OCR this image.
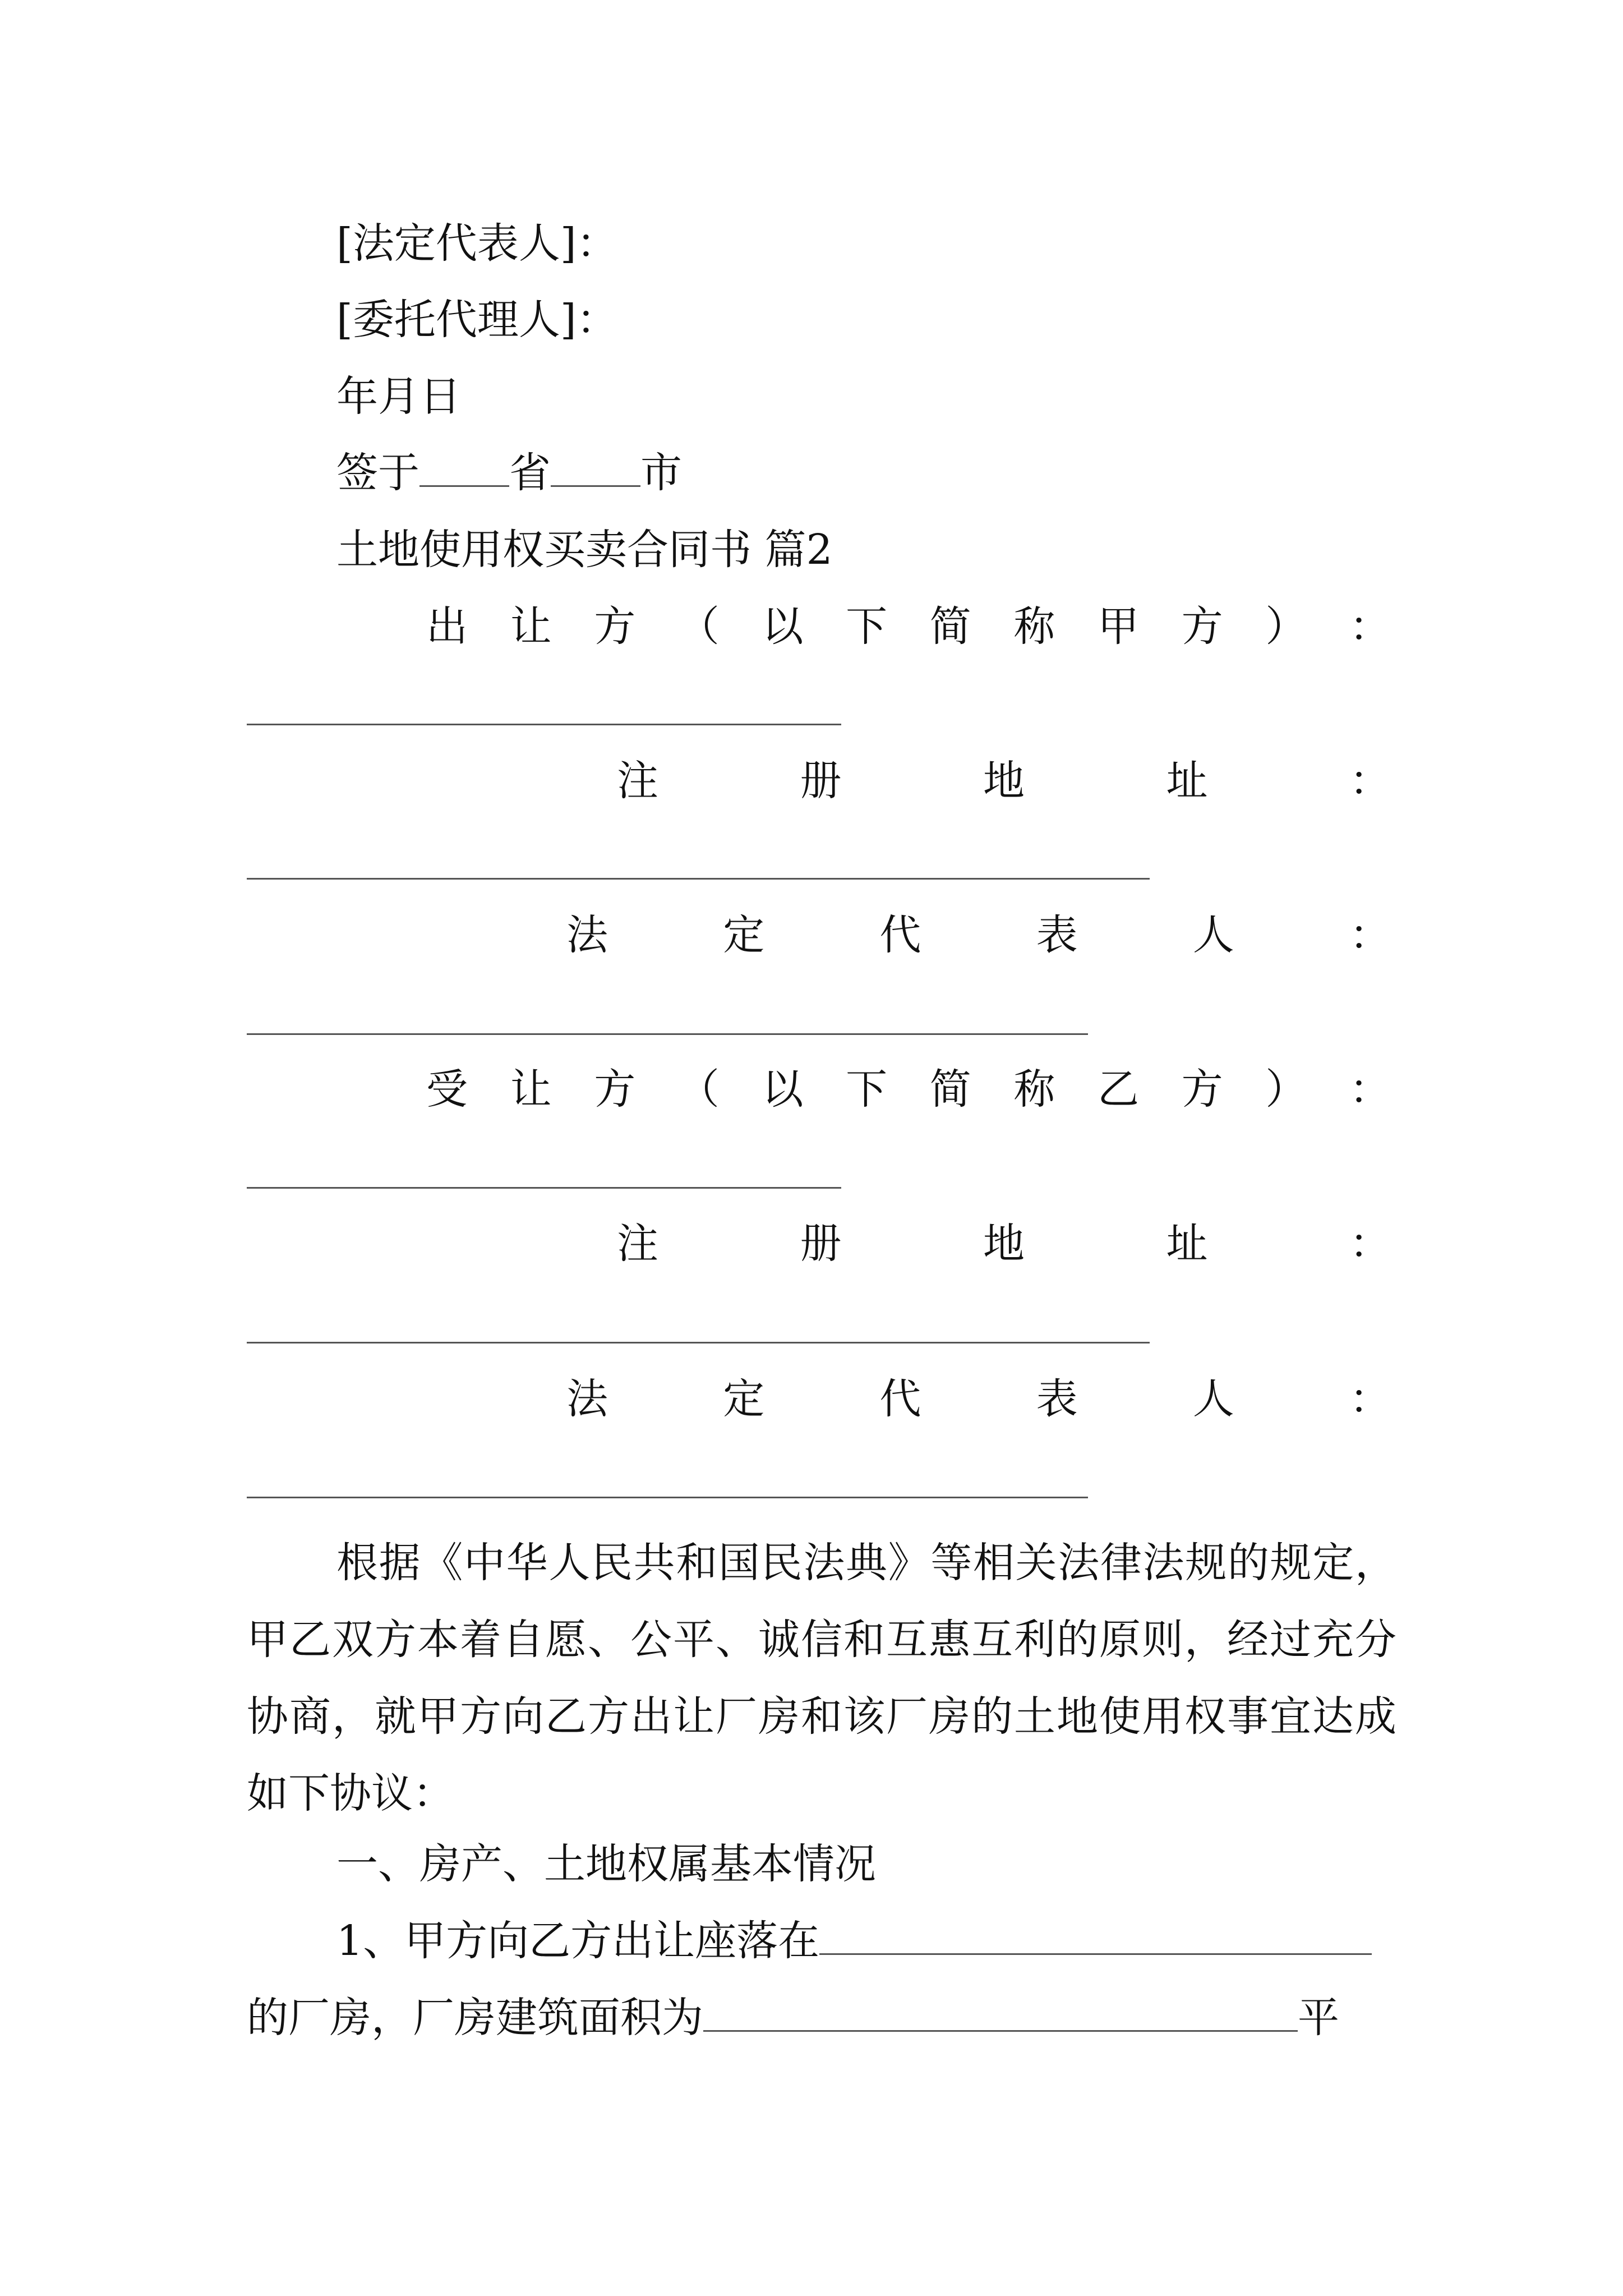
[法定代表人]：
[委托代理人]：
年月日
签于 省 市
土地使用权买卖合同书 篇2
出 让 方 （ 以 下 简 称 甲 方 ） ：
注	册	地	址	：
法	定	代	表	人	：
受 让 方 （ 以 下 简 称 乙 方 ） ：
注	册	地	址	：
法	定	代	表	人	：
根据《中华人民共和国民法典》等相关法律法规的规定，甲乙双方本着自愿、公平、诚信和互惠互利的原则，经过充分协商，就甲方向乙方出让厂房和该厂房的土地使用权事宜达成如下协议：
一、房产、土地权属基本情况
1、甲方向乙方出让座落在
的厂房，厂房建筑面积为	平
